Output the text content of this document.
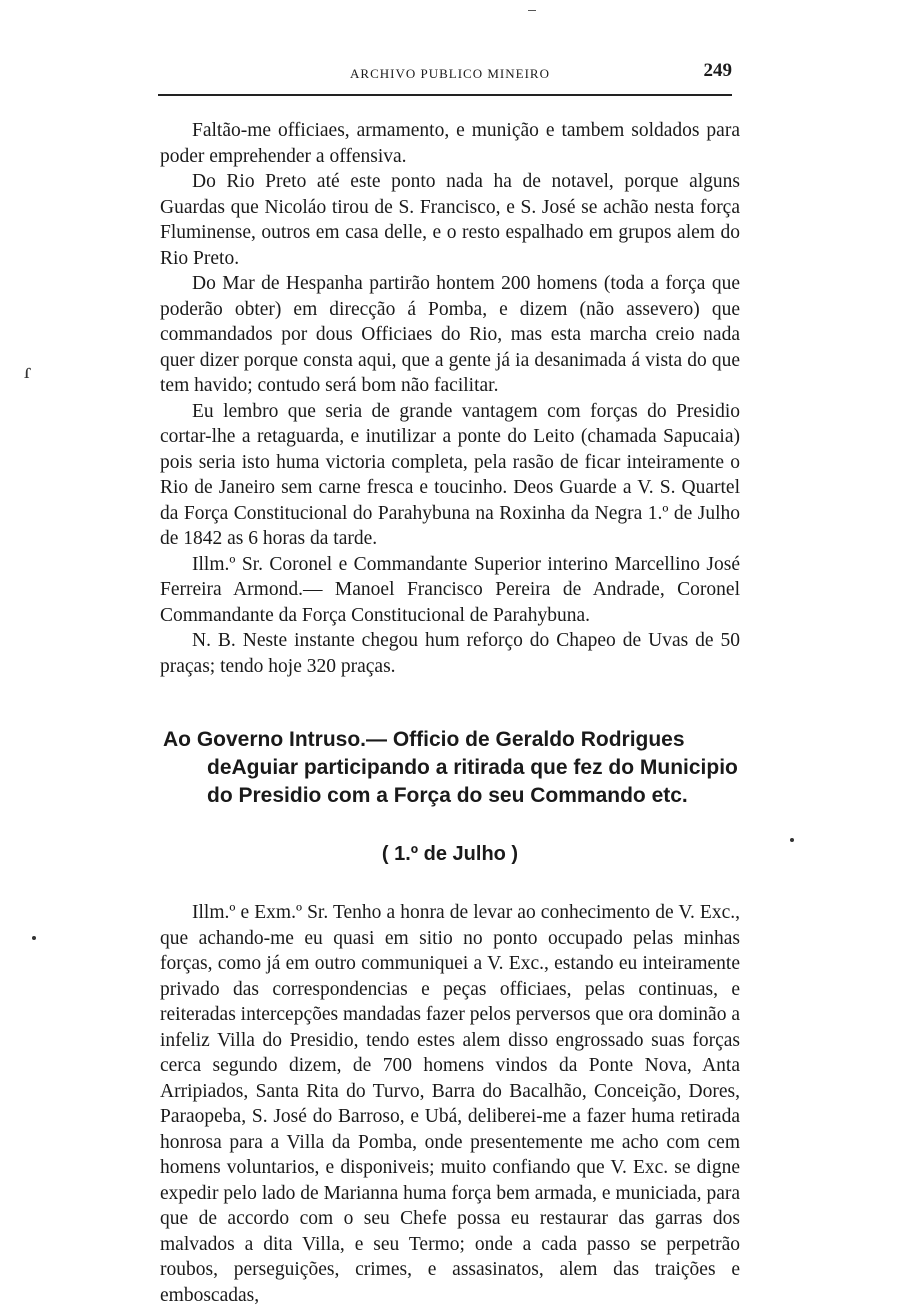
ARCHIVO PUBLICO MINEIRO	249

Faltão-me officiaes, armamento, e munição e tambem soldados para poder emprehender a offensiva.

Do Rio Preto até este ponto nada ha de notavel, porque alguns Guardas que Nicoláo tirou de S. Francisco, e S. José se achão nesta força Fluminense, outros em casa delle, e o resto espalhado em grupos alem do Rio Preto.

Do Mar de Hespanha partirão hontem 200 homens (toda a força que poderão obter) em direcção á Pomba, e dizem (não assevero) que commandados por dous Officiaes do Rio, mas esta marcha creio nada quer dizer porque consta aqui, que a gente já ia desanimada á vista do que tem havido; contudo será bom não facilitar.

Eu lembro que seria de grande vantagem com forças do Presidio cortar-lhe a retaguarda, e inutilizar a ponte do Leito (chamada Sapucaia) pois seria isto huma victoria completa, pela rasão de ficar inteiramente o Rio de Janeiro sem carne fresca e toucinho. Deos Guarde a V. S. Quartel da Força Constitucional do Parahybuna na Roxinha da Negra 1.º de Julho de 1842 as 6 horas da tarde.

Illm.º Sr. Coronel e Commandante Superior interino Marcellino José Ferreira Armond.— Manoel Francisco Pereira de Andrade, Coronel Commandante da Força Constitucional de Parahybuna.

N. B. Neste instante chegou hum reforço do Chapeo de Uvas de 50 praças; tendo hoje 320 praças.

Ao Governo Intruso.— Officio de Geraldo Rodrigues deAguiar participando a ritirada que fez do Municipio do Presidio com a Força do seu Commando etc.

( 1.º de Julho )

Illm.º e Exm.º Sr. Tenho a honra de levar ao conhecimento de V. Exc., que achando-me eu quasi em sitio no ponto occupado pelas minhas forças, como já em outro communiquei a V. Exc., estando eu inteiramente privado das correspondencias e peças officiaes, pelas continuas, e reiteradas intercepções mandadas fazer pelos perversos que ora dominão a infeliz Villa do Presidio, tendo estes alem disso engrossado suas forças cerca segundo dizem, de 700 homens vindos da Ponte Nova, Anta Arripiados, Santa Rita do Turvo, Barra do Bacalhão, Conceição, Dores, Paraopeba, S. José do Barroso, e Ubá, deliberei-me a fazer huma retirada honrosa para a Villa da Pomba, onde presentemente me acho com cem homens voluntarios, e disponiveis; muito confiando que V. Exc. se digne expedir pelo lado de Marianna huma força bem armada, e municiada, para que de accordo com o seu Chefe possa eu restaurar das garras dos malvados a dita Villa, e seu Termo; onde a cada passo se perpetrão roubos, perseguições, crimes, e assasinatos, alem das traições e emboscadas,

ɾ
